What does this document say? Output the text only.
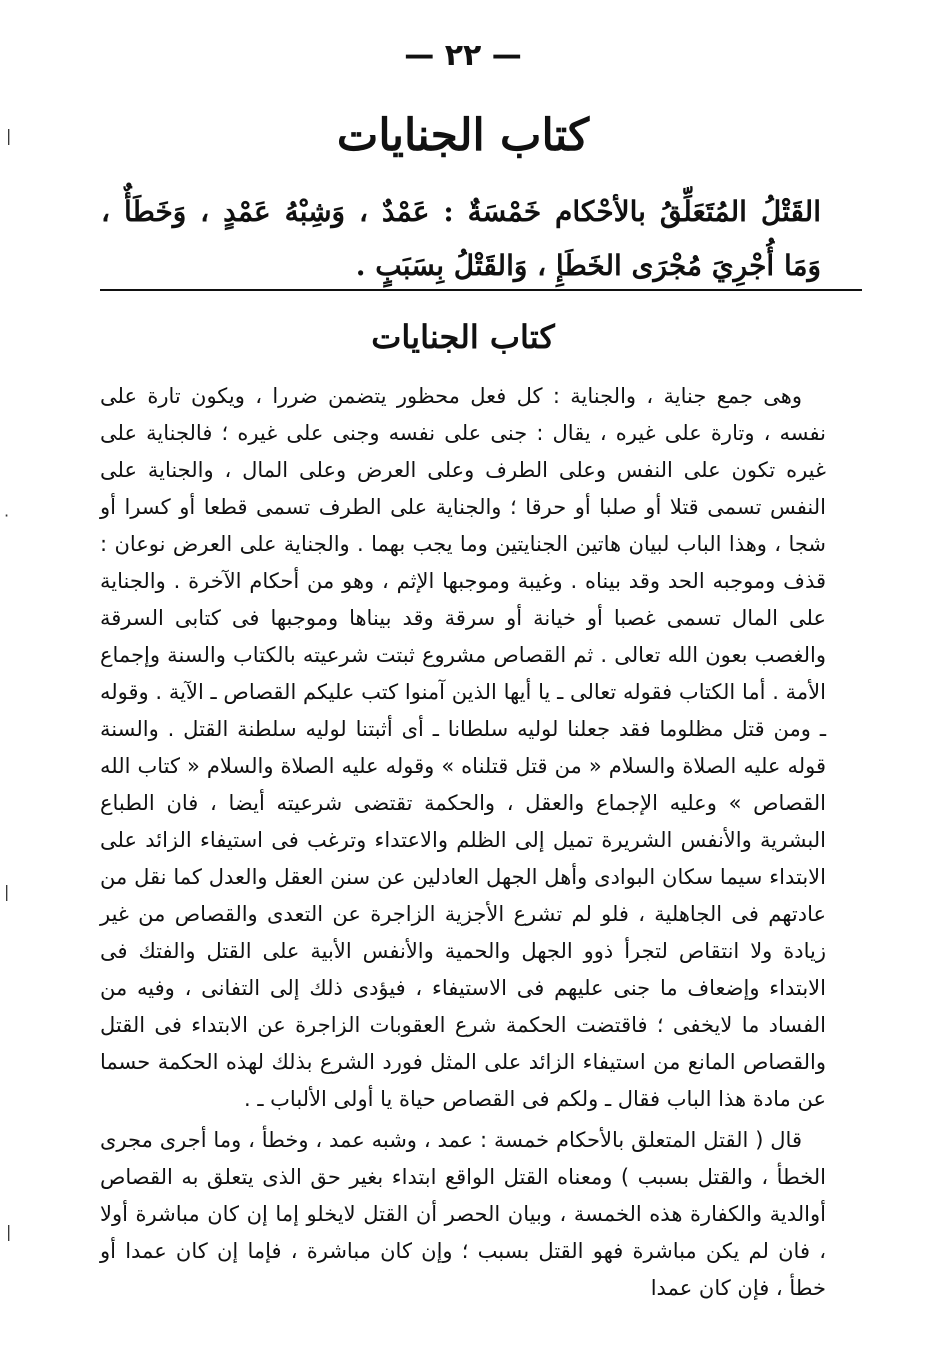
— ٢٢ —
كتاب الجنايات
القَتْلُ المُتَعَلِّقُ بالأحْكام خَمْسَةٌ : عَمْدٌ ، وَشِبْهُ عَمْدٍ ، وَخَطَأٌ ، وَمَا أُجْرِيَ مُجْرَى الخَطَإِ ، وَالقَتْلُ بِسَبَبٍ .
كتاب الجنايات

وهى جمع جناية ، والجناية : كل فعل محظور يتضمن ضررا ، ويكون تارة على نفسه ، وتارة على غيره ، يقال : جنى على نفسه وجنى على غيره ؛ فالجناية على غيره تكون على النفس وعلى الطرف وعلى العرض وعلى المال ، والجناية على النفس تسمى قتلا أو صلبا أو حرقا ؛ والجناية على الطرف تسمى قطعا أو كسرا أو شجا ، وهذا الباب لبيان هاتين الجنايتين وما يجب بهما . والجناية على العرض نوعان : قذف وموجبه الحد وقد بيناه . وغيبة وموجبها الإثم ، وهو من أحكام الآخرة . والجناية على المال تسمى غصبا أو خيانة أو سرقة وقد بيناها وموجبها فى كتابى السرقة والغصب بعون الله تعالى . ثم القصاص مشروع ثبتت شرعيته بالكتاب والسنة وإجماع الأمة . أما الكتاب فقوله تعالى ـ يا أيها الذين آمنوا كتب عليكم القصاص ـ الآية . وقوله ـ ومن قتل مظلوما فقد جعلنا لوليه سلطانا ـ أى أثبتنا لوليه سلطنة القتل . والسنة قوله عليه الصلاة والسلام « من قتل قتلناه » وقوله عليه الصلاة والسلام « كتاب الله القصاص » وعليه الإجماع والعقل ، والحكمة تقتضى شرعيته أيضا ، فان الطباع البشرية والأنفس الشريرة تميل إلى الظلم والاعتداء وترغب فى استيفاء الزائد على الابتداء سيما سكان البوادى وأهل الجهل العادلين عن سنن العقل والعدل كما نقل من عادتهم فى الجاهلية ، فلو لم تشرع الأجزية الزاجرة عن التعدى والقصاص من غير زيادة ولا انتقاص لتجرأ ذوو الجهل والحمية والأنفس الأبية على القتل والفتك فى الابتداء وإضعاف ما جنى عليهم فى الاستيفاء ، فيؤدى ذلك إلى التفانى ، وفيه من الفساد ما لايخفى ؛ فاقتضت الحكمة شرع العقوبات الزاجرة عن الابتداء فى القتل والقصاص المانع من استيفاء الزائد على المثل فورد الشرع بذلك لهذه الحكمة حسما عن مادة هذا الباب فقال ـ ولكم فى القصاص حياة يا أولى الألباب ـ .

قال ( القتل المتعلق بالأحكام خمسة : عمد ، وشبه عمد ، وخطأ ، وما أجرى مجرى الخطأ ، والقتل بسبب ) ومعناه القتل الواقع ابتداء بغير حق الذى يتعلق به القصاص أوالدية والكفارة هذه الخمسة ، وبيان الحصر أن القتل لايخلو إما إن كان مباشرة أولا ، فان لم يكن مباشرة فهو القتل بسبب ؛ وإن كان مباشرة ، فإما إن كان عمدا أو خطأ ، فإن كان عمدا

|
·
|
|
